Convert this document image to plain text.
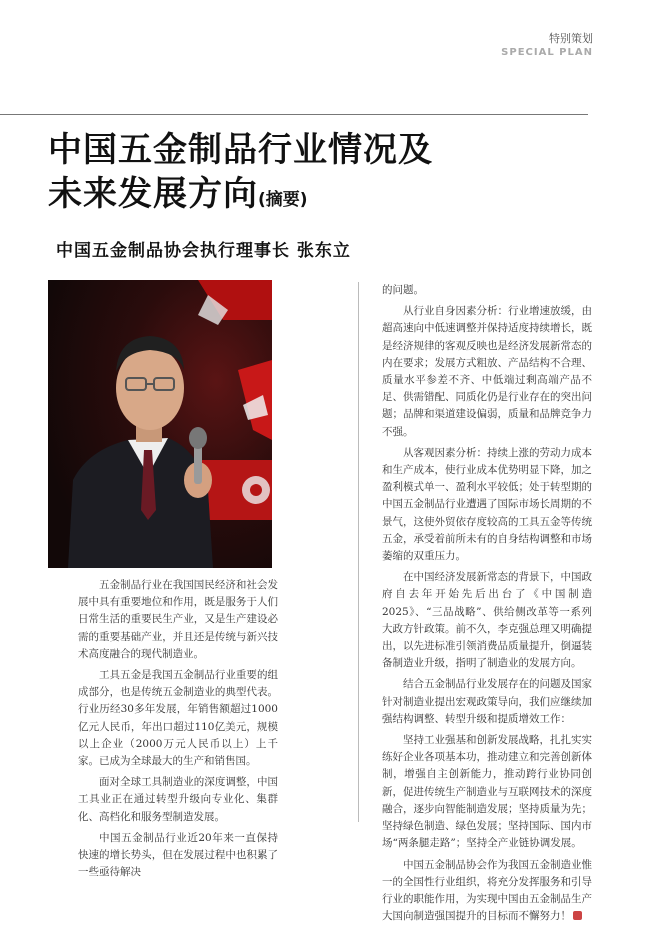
特别策划
SPECIAL PLAN
中国五金制品行业情况及
未来发展方向(摘要)
中国五金制品协会执行理事长 张东立

五金制品行业在我国国民经济和社会发展中具有重要地位和作用，既是服务于人们日常生活的重要民生产业，又是生产建设必需的重要基础产业，并且还是传统与新兴技术高度融合的现代制造业。

工具五金是我国五金制品行业重要的组成部分，也是传统五金制造业的典型代表。行业历经30多年发展，年销售额超过1000亿元人民币，年出口超过110亿美元，规模以上企业（2000万元人民币以上）上千家。已成为全球最大的生产和销售国。

面对全球工具制造业的深度调整，中国工具业正在通过转型升级向专业化、集群化、高档化和服务型制造发展。

中国五金制品行业近20年来一直保持快速的增长势头，但在发展过程中也积累了一些亟待解决

的问题。

从行业自身因素分析：行业增速放缓，由超高速向中低速调整并保持适度持续增长，既是经济规律的客观反映也是经济发展新常态的内在要求；发展方式粗放、产品结构不合理、质量水平参差不齐、中低端过剩高端产品不足、供需错配、同质化仍是行业存在的突出问题；品牌和渠道建设偏弱，质量和品牌竞争力不强。

从客观因素分析：持续上涨的劳动力成本和生产成本，使行业成本优势明显下降，加之盈利模式单一、盈利水平较低；处于转型期的中国五金制品行业遭遇了国际市场长周期的不景气，这使外贸依存度较高的工具五金等传统五金，承受着前所未有的自身结构调整和市场萎缩的双重压力。

在中国经济发展新常态的背景下，中国政府自去年开始先后出台了《中国制造2025》、“三品战略”、供给侧改革等一系列大政方针政策。前不久，李克强总理又明确提出，以先进标准引领消费品质量提升，倒逼装备制造业升级，指明了制造业的发展方向。

结合五金制品行业发展存在的问题及国家针对制造业提出宏观政策导向，我们应继续加强结构调整、转型升级和提质增效工作：

坚持工业强基和创新发展战略，扎扎实实练好企业各项基本功，推动建立和完善创新体制，增强自主创新能力，推动跨行业协同创新，促进传统生产制造业与互联网技术的深度融合，逐步向智能制造发展；坚持质量为先；坚持绿色制造、绿色发展；坚持国际、国内市场“两条腿走路”；坚持全产业链协调发展。

中国五金制品协会作为我国五金制造业惟一的全国性行业组织，将充分发挥服务和引导行业的职能作用，为实现中国由五金制品生产大国向制造强国提升的目标而不懈努力！
